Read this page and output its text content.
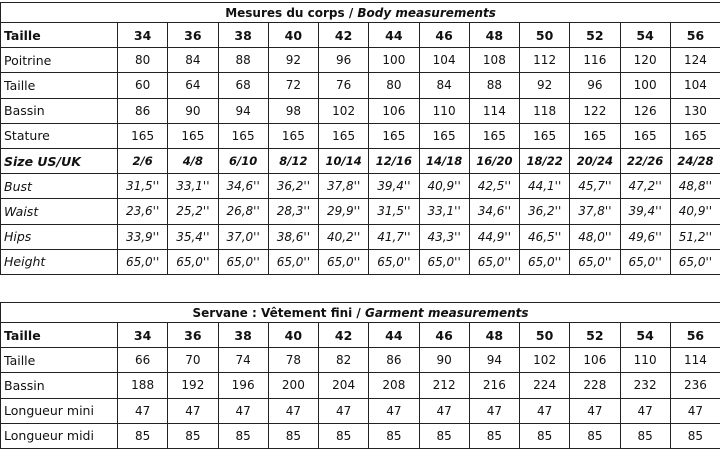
Mesures du corps / Body measurements												
Taille	34	36	38	40	42	44	46	48	50	52	54	56
Poitrine	80	84	88	92	96	100	104	108	112	116	120	124
Taille	60	64	68	72	76	80	84	88	92	96	100	104
Bassin	86	90	94	98	102	106	110	114	118	122	126	130
Stature	165	165	165	165	165	165	165	165	165	165	165	165
Size US/UK	2/6	4/8	6/10	8/12	10/14	12/16	14/18	16/20	18/22	20/24	22/26	24/28
Bust	31,5''	33,1''	34,6''	36,2''	37,8''	39,4''	40,9''	42,5''	44,1''	45,7''	47,2''	48,8''
Waist	23,6''	25,2''	26,8''	28,3''	29,9''	31,5''	33,1''	34,6''	36,2''	37,8''	39,4''	40,9''
Hips	33,9''	35,4''	37,0''	38,6''	40,2''	41,7''	43,3''	44,9''	46,5''	48,0''	49,6''	51,2''
Height	65,0''	65,0''	65,0''	65,0''	65,0''	65,0''	65,0''	65,0''	65,0''	65,0''	65,0''	65,0''
Servane : Vêtement fini / Garment measurements												
Taille	34	36	38	40	42	44	46	48	50	52	54	56
Taille	66	70	74	78	82	86	90	94	102	106	110	114
Bassin	188	192	196	200	204	208	212	216	224	228	232	236
Longueur mini	47	47	47	47	47	47	47	47	47	47	47	47
Longueur midi	85	85	85	85	85	85	85	85	85	85	85	85
